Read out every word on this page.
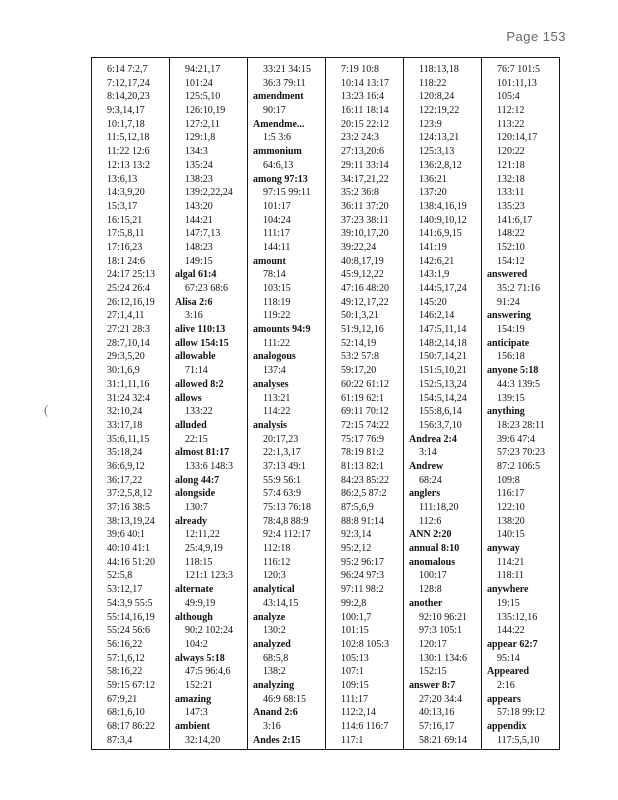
Page 153
(
6:14 7:2,7
7:12,17,24
8:14,20,23
9:3,14,17
10:1,7,18
11:5,12,18
11:22 12:6
12:13 13:2
13:6,13
14:3,9,20
15:3,17
16:15,21
17:5,8,11
17:16,23
18:1 24:6
24:17 25:13
25:24 26:4
26:12,16,19
27:1,4,11
27:21 28:3
28:7,10,14
29:3,5,20
30:1,6,9
31:1,11,16
31:24 32:4
32:10,24
33:17,18
35:6,11,15
35:18,24
36:6,9,12
36:17,22
37:2,5,8,12
37:16 38:5
38:13,19,24
39:6 40:1
40:10 41:1
44:16 51:20
52:5,8
53:12,17
54:3,9 55:5
55:14,16,19
55:24 56:6
56:16,22
57:1,6,12
58:16,22
59:15 67:12
67:9,21
68:1,6,10
68:17 86:22
87:3,4
94:21,17
101:24
125:5,10
126:10,19
127:2,11
129:1,8
134:3
135:24
138:23
139:2,22,24
143:20
144:21
147:7,13
148:23
149:15
algal 61:4
67:23 68:6
Alisa 2:6
3:16
alive 110:13
allow 154:15
allowable
71:14
allowed 8:2
allows
133:22
alluded
22:15
almost 81:17
133:6 148:3
along 44:7
alongside
130:7
already
12:11,22
25:4,9,19
118:15
121:1 123:3
alternate
49:9,19
although
90:2 102:24
104:2
always 5:18
47:5 96:4,6
152:21
amazing
147:3
ambient
32:14,20
33:21 34:15
36:3 79:11
amendment
90:17
Amendme...
1:5 3:6
ammonium
64:6,13
among 97:13
97:15 99:11
101:17
104:24
111:17
144:11
amount
78:14
103:15
118:19
119:22
amounts 94:9
111:22
analogous
137:4
analyses
113:21
114:22
analysis
20:17,23
22:1,3,17
37:13 49:1
55:9 56:1
57:4 63:9
75:13 76:18
78:4,8 88:9
92:4 112:17
112:18
116:12
120:3
analytical
43:14,15
analyze
130:2
analyzed
68:5,8
138:2
analyzing
46:9 68:15
Anand 2:6
3:16
Andes 2:15
7:19 10:8
10:14 13:17
13:23 16:4
16:11 18:14
20:15 22:12
23:2 24:3
27:13,20:6
29:11 33:14
34:17,21,22
35:2 36:8
36:11 37:20
37:23 38:11
39:10,17,20
39:22,24
40:8,17,19
45:9,12,22
47:16 48:20
49:12,17,22
50:1,3,21
51:9,12,16
52:14,19
53:2 57:8
59:17,20
60:22 61:12
61:19 62:1
69:11 70:12
72:15 74:22
75:17 76:9
78:19 81:2
81:13 82:1
84:23 85:22
86:2,5 87:2
87:5,6,9
88:8 91:14
92:3,14
95:2,12
95:2 96:17
96:24 97:3
97:11 98:2
99:2,8
100:1,7
101:15
102:8 105:3
105:13
107:1
109:15
111:17
112:2,14
114:6 116:7
117:1
118:13,18
118:22
120:8,24
122:19,22
123:9
124:13,21
125:3,13
136:2,8,12
136:21
137:20
138:4,16,19
140:9,10,12
141:6,9,15
141:19
142:6,21
143:1,9
144:5,17,24
145:20
146:2,14
147:5,11,14
148:2,14,18
150:7,14,21
151:5,10,21
152:5,13,24
154:5,14,24
155:8,6,14
156:3,7,10
Andrea 2:4
3:14
Andrew
68:24
anglers
111:18,20
112:6
ANN 2:20
annual 8:10
anomalous
100:17
128:8
another
92:10 96:21
97:3 105:1
120:17
130:1 134:6
152:15
answer 8:7
27:20 34:4
40:13,16
57:16,17
58:21 69:14
76:7 101:5
101:11,13
105:4
112:12
113:22
120:14,17
120:22
121:18
132:18
133:11
135:23
141:6,17
148:22
152:10
154:12
answered
35:2 71:16
91:24
answering
154:19
anticipate
156:18
anyone 5:18
44:3 139:5
139:15
anything
18:23 28:11
39:6 47:4
57:23 70:23
87:2 106:5
109:8
116:17
122:10
138:20
140:15
anyway
114:21
118:11
anywhere
19:15
135:12,16
144:22
appear 62:7
95:14
Appeared
2:16
appears
57:18 99:12
appendix
117:5,5,10
